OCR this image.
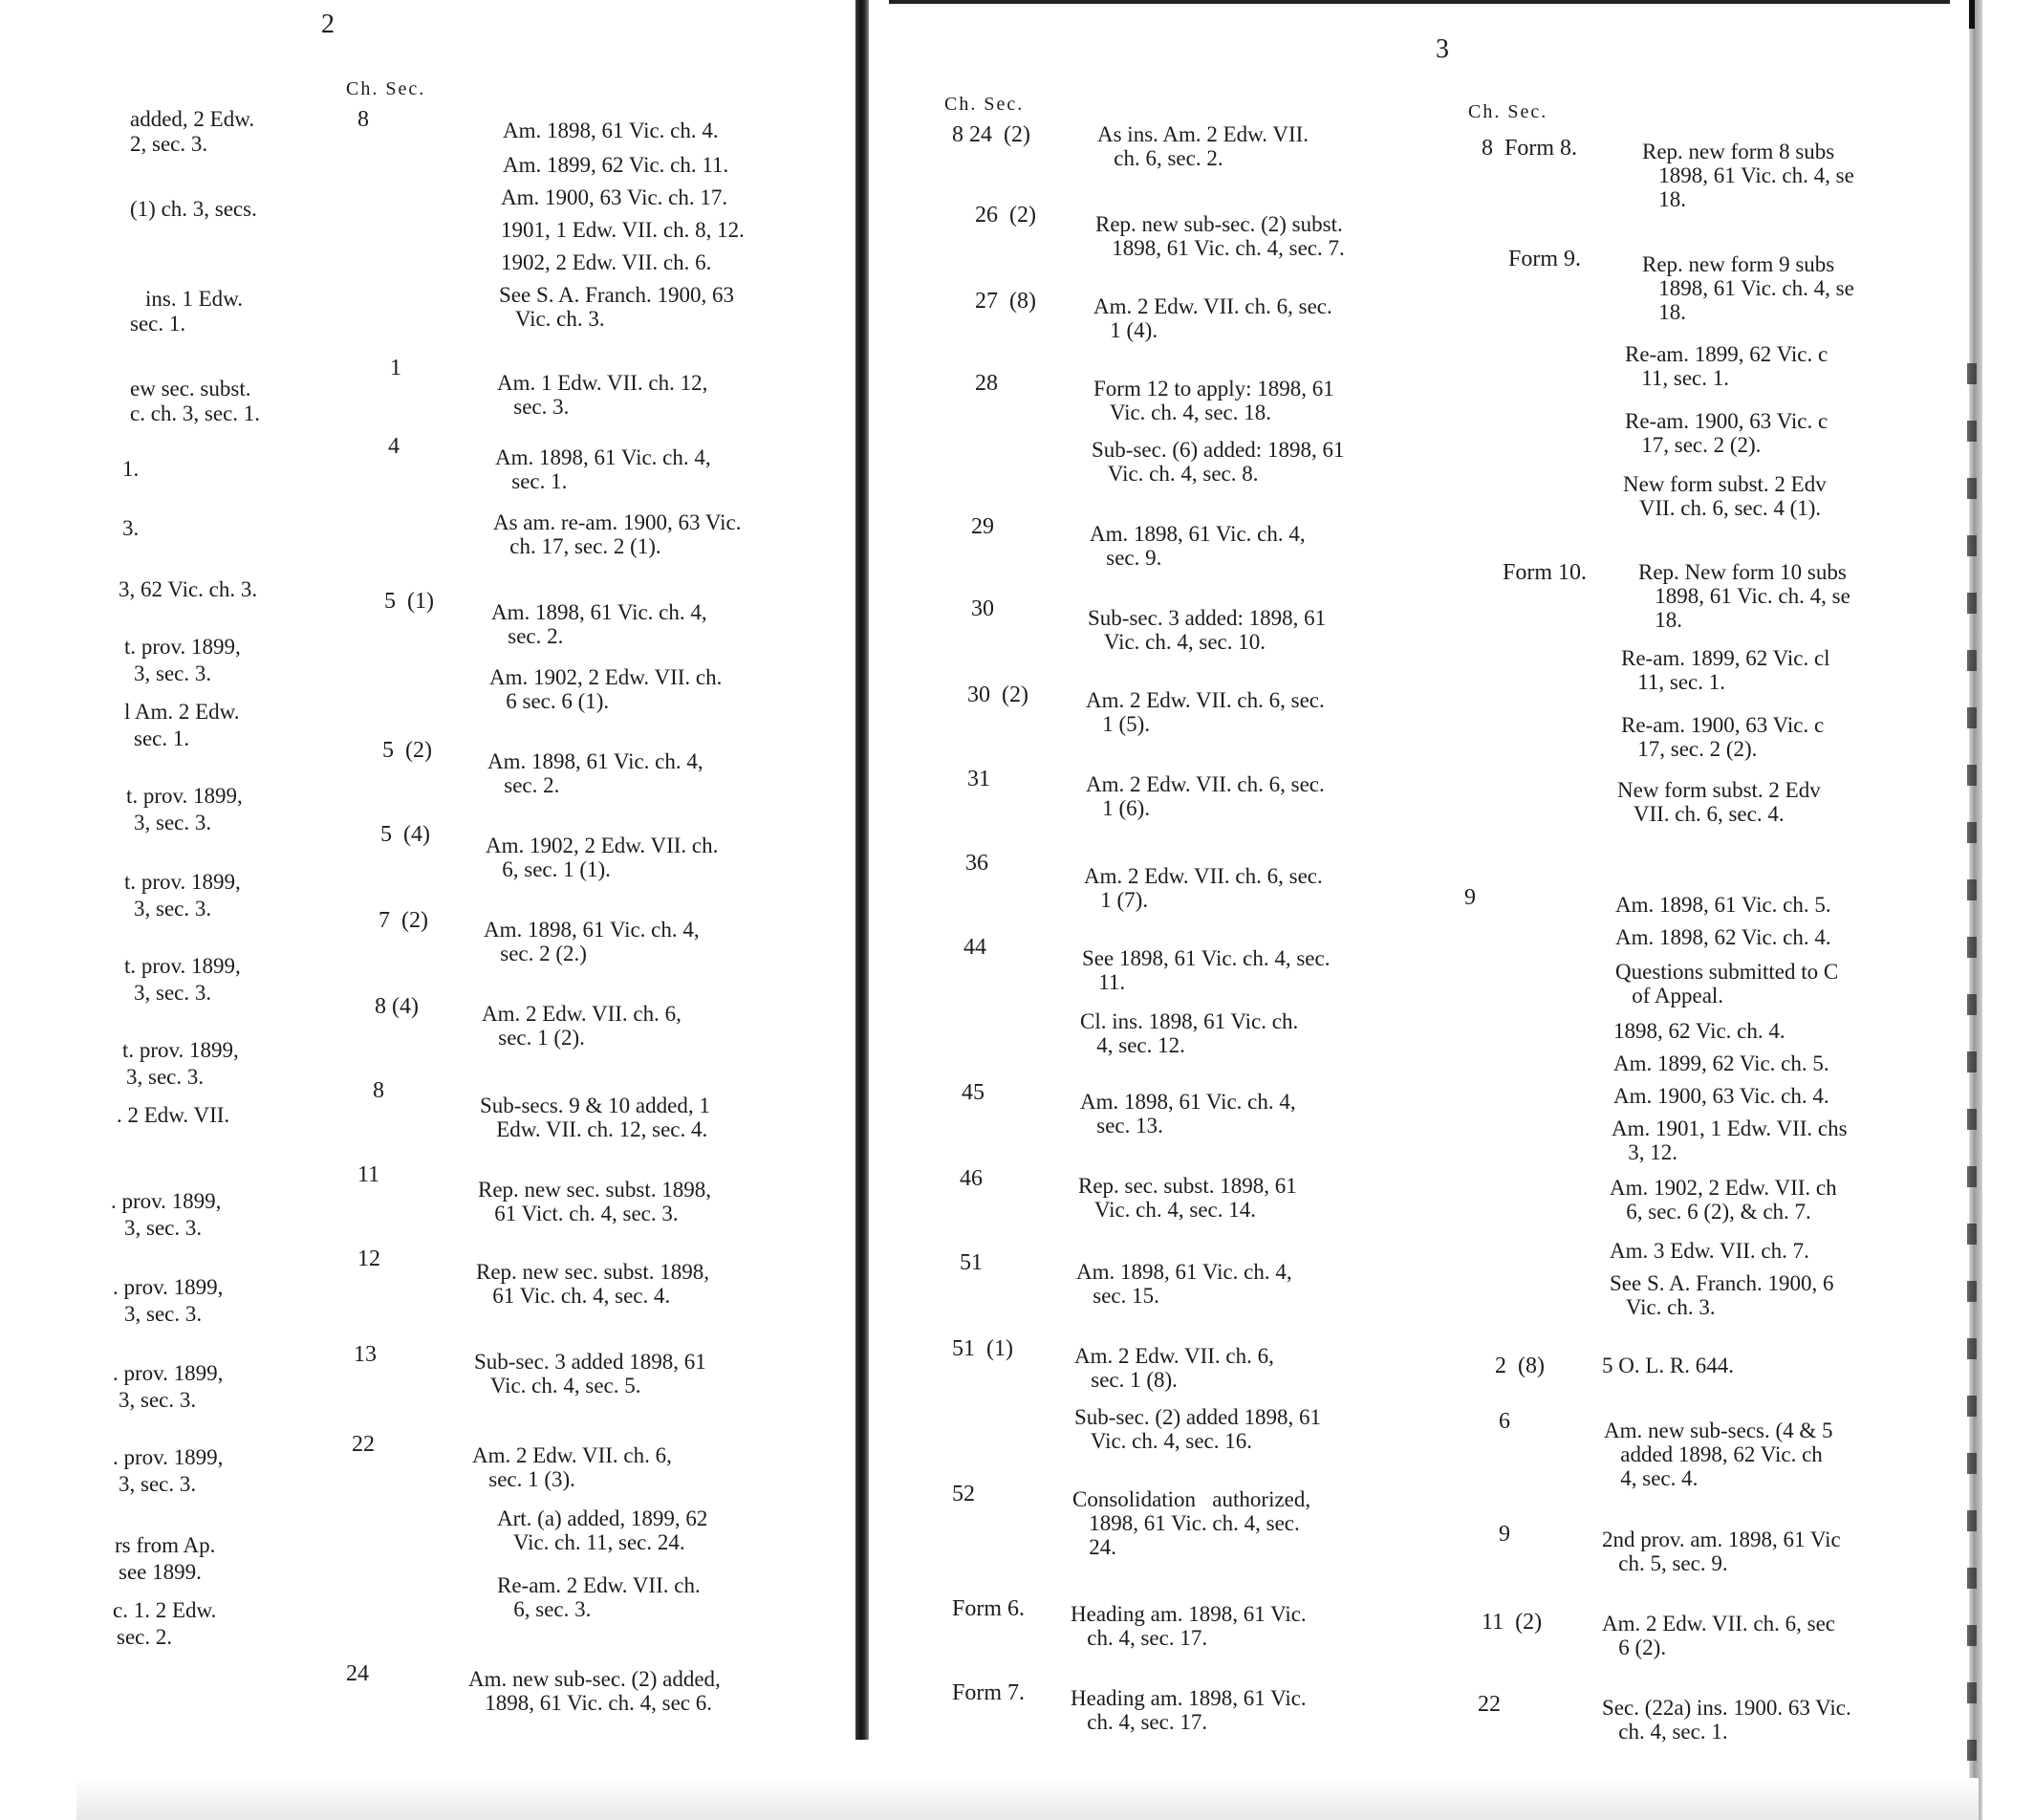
2
Ch. Sec.
added, 2 Edw.
2, sec. 3.
(1) ch. 3, secs.
ins. 1 Edw.
sec. 1.
ew sec. subst.
c. ch. 3, sec. 1.
1.
3.
3, 62 Vic. ch. 3.
t. prov. 1899,
3, sec. 3.
l Am. 2 Edw.
sec. 1.
t. prov. 1899,
3, sec. 3.
t. prov. 1899,
3, sec. 3.
t. prov. 1899,
3, sec. 3.
t. prov. 1899,
3, sec. 3.
. 2 Edw. VII.
. prov. 1899,
3, sec. 3.
. prov. 1899,
3, sec. 3.
. prov. 1899,
3, sec. 3.
. prov. 1899,
3, sec. 3.
rs from Ap.
see 1899.
c. 1. 2 Edw.
sec. 2.
8
1
4
5  (1)
5  (2)
5  (4)
7  (2)
8 (4)
8
11
12
13
22
24
Am. 1898, 61 Vic. ch. 4.
Am. 1899, 62 Vic. ch. 11.
Am. 1900, 63 Vic. ch. 17.
1901, 1 Edw. VII. ch. 8, 12.
1902, 2 Edw. VII. ch. 6.
See S. A. Franch. 1900, 63
Vic. ch. 3.
Am. 1 Edw. VII. ch. 12,
sec. 3.
Am. 1898, 61 Vic. ch. 4,
sec. 1.
As am. re-am. 1900, 63 Vic.
ch. 17, sec. 2 (1).
Am. 1898, 61 Vic. ch. 4,
sec. 2.
Am. 1902, 2 Edw. VII. ch.
6 sec. 6 (1).
Am. 1898, 61 Vic. ch. 4,
sec. 2.
Am. 1902, 2 Edw. VII. ch.
6, sec. 1 (1).
Am. 1898, 61 Vic. ch. 4,
sec. 2 (2.)
Am. 2 Edw. VII. ch. 6,
sec. 1 (2).
Sub-secs. 9 & 10 added, 1
Edw. VII. ch. 12, sec. 4.
Rep. new sec. subst. 1898,
61 Vict. ch. 4, sec. 3.
Rep. new sec. subst. 1898,
61 Vic. ch. 4, sec. 4.
Sub-sec. 3 added 1898, 61
Vic. ch. 4, sec. 5.
Am. 2 Edw. VII. ch. 6,
sec. 1 (3).
Art. (a) added, 1899, 62
Vic. ch. 11, sec. 24.
Re-am. 2 Edw. VII. ch.
6, sec. 3.
Am. new sub-sec. (2) added,
1898, 61 Vic. ch. 4, sec 6.
3
Ch. Sec.	Ch. Sec.
8 24  (2)
26  (2)
27  (8)
28
29
30
30  (2)
31
36
44
45
46
51
51  (1)
52
Form 6.
Form 7.
As ins. Am. 2 Edw. VII.
ch. 6, sec. 2.
Rep. new sub-sec. (2) subst.
1898, 61 Vic. ch. 4, sec. 7.
Am. 2 Edw. VII. ch. 6, sec.
1 (4).
Form 12 to apply: 1898, 61
Vic. ch. 4, sec. 18.
Sub-sec. (6) added: 1898, 61
Vic. ch. 4, sec. 8.
Am. 1898, 61 Vic. ch. 4,
sec. 9.
Sub-sec. 3 added: 1898, 61
Vic. ch. 4, sec. 10.
Am. 2 Edw. VII. ch. 6, sec.
1 (5).
Am. 2 Edw. VII. ch. 6, sec.
1 (6).
Am. 2 Edw. VII. ch. 6, sec.
1 (7).
See 1898, 61 Vic. ch. 4, sec.
11.
Cl. ins. 1898, 61 Vic. ch.
4, sec. 12.
Am. 1898, 61 Vic. ch. 4,
sec. 13.
Rep. sec. subst. 1898, 61
Vic. ch. 4, sec. 14.
Am. 1898, 61 Vic. ch. 4,
sec. 15.
Am. 2 Edw. VII. ch. 6,
sec. 1 (8).
Sub-sec. (2) added 1898, 61
Vic. ch. 4, sec. 16.
Consolidation   authorized,
1898, 61 Vic. ch. 4, sec.
24.
Heading am. 1898, 61 Vic.
ch. 4, sec. 17.
Heading am. 1898, 61 Vic.
ch. 4, sec. 17.
8  Form 8.
Form 9.
Form 10.
9
2  (8)
6
9
11  (2)
22
Rep. new form 8 subs
1898, 61 Vic. ch. 4, se
18.
Rep. new form 9 subs
1898, 61 Vic. ch. 4, se
18.
Re-am. 1899, 62 Vic. c
11, sec. 1.
Re-am. 1900, 63 Vic. c
17, sec. 2 (2).
New form subst. 2 Edv
VII. ch. 6, sec. 4 (1).
Rep. New form 10 subs
1898, 61 Vic. ch. 4, se
18.
Re-am. 1899, 62 Vic. cl
11, sec. 1.
Re-am. 1900, 63 Vic. c
17, sec. 2 (2).
New form subst. 2 Edv
VII. ch. 6, sec. 4.
Am. 1898, 61 Vic. ch. 5.
Am. 1898, 62 Vic. ch. 4.
Questions submitted to C
of Appeal.
1898, 62 Vic. ch. 4.
Am. 1899, 62 Vic. ch. 5.
Am. 1900, 63 Vic. ch. 4.
Am. 1901, 1 Edw. VII. chs
3, 12.
Am. 1902, 2 Edw. VII. ch
6, sec. 6 (2), & ch. 7.
Am. 3 Edw. VII. ch. 7.
See S. A. Franch. 1900, 6
Vic. ch. 3.
5 O. L. R. 644.
Am. new sub-secs. (4 & 5
added 1898, 62 Vic. ch
4, sec. 4.
2nd prov. am. 1898, 61 Vic
ch. 5, sec. 9.
Am. 2 Edw. VII. ch. 6, sec
6 (2).
Sec. (22a) ins. 1900. 63 Vic.
ch. 4, sec. 1.
